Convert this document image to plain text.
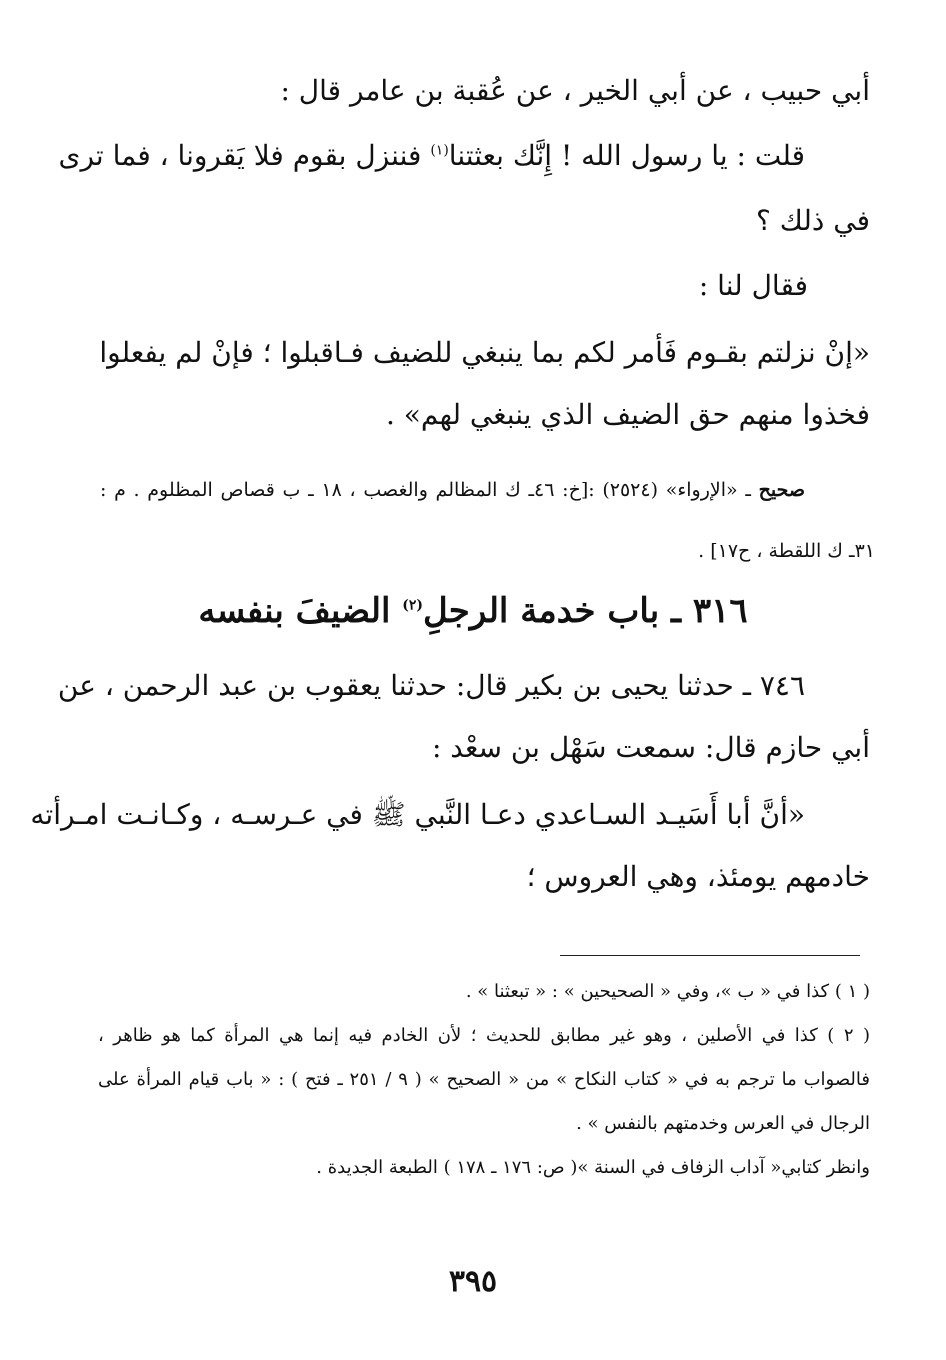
أبي حبيب ، عن أبي الخير ، عن عُقبة بن عامر قال :
قلت : يا رسول الله ! إِنَّك بعثتنا$^{(١)}$ فننزل بقوم فلا يَقرونا ، فما ترى
في ذلك ؟
فقال لنا :
«إنْ نزلتم بقـوم فَأمر لكم بما ينبغي للضيف فـاقبلوا ؛ فإنْ لم يفعلوا
فخذوا منهم حق الضيف الذي ينبغي لهم» .
صحيح ـ «الإرواء» (٢٥٢٤) :[خ: ٤٦ـ ك المظالم والغصب ، ١٨ ـ ب قصاص المظلوم . م :
٣١ـ ك اللقطة ، ح١٧] .
٣١٦ ـ باب خدمة الرجلِ$^{(٢)}$ الضيفَ بنفسه
٧٤٦ ـ حدثنا يحيى بن بكير قال: حدثنا يعقوب بن عبد الرحمن ، عن
أبي حازم قال: سمعت سَهْل بن سعْد :
«أنَّ أبا أَسَيـد السـاعدي دعـا النَّبي ﷺ في عـرسـه ، وكـانـت امـرأته
خادمهم يومئذ، وهي العروس ؛
( ١ ) كذا في « ب »، وفي « الصحيحين » : « تبعثنا » .
( ٢ ) كذا في الأصلين ، وهو غير مطابق للحديث ؛ لأن الخادم فيه إنما هي المرأة كما هو ظاهر ،
فالصواب ما ترجم به في « كتاب النكاح » من « الصحيح » ( ٩ / ٢٥١ ـ فتح ) : « باب قيام المرأة على
الرجال في العرس وخدمتهم بالنفس » .
وانظر كتابي« آداب الزفاف في السنة »( ص: ١٧٦ ـ ١٧٨ ) الطبعة الجديدة .
٣٩٥
